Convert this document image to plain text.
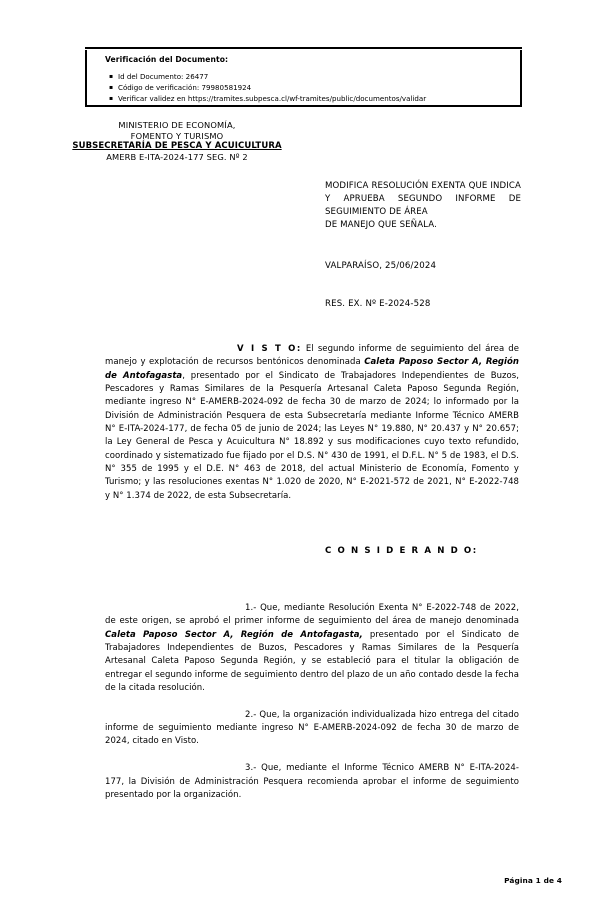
Verificación del Documento:
▪ Id del Documento: 26477
▪ Código de verificación: 79980581924
▪ Verificar validez en https://tramites.subpesca.cl/wf-tramites/public/documentos/validar
MINISTERIO DE ECONOMÍA,
FOMENTO Y TURISMO
SUBSECRETARÍA DE PESCA Y ACUICULTURA
AMERB E-ITA-2024-177 SEG. Nº 2
MODIFICA RESOLUCIÓN EXENTA QUE INDICA Y APRUEBA SEGUNDO INFORME DE SEGUIMIENTO DE ÁREA
DE MANEJO QUE SEÑALA.
VALPARAÍSO, 25/06/2024
RES. EX. Nº E-2024-528

V I S T O: El segundo informe de seguimiento del área de manejo y explotación de recursos bentónicos denominada Caleta Paposo Sector A, Región de Antofagasta, presentado por el Sindicato de Trabajadores Independientes de Buzos, Pescadores y Ramas Similares de la Pesquería Artesanal Caleta Paposo Segunda Región, mediante ingreso N° E-AMERB-2024-092 de fecha 30 de marzo de 2024; lo informado por la División de Administración Pesquera de esta Subsecretaría mediante Informe Técnico AMERB N° E-ITA-2024-177, de fecha 05 de junio de 2024; las Leyes N° 19.880, N° 20.437 y N° 20.657; la Ley General de Pesca y Acuicultura N° 18.892 y sus modificaciones cuyo texto refundido, coordinado y sistematizado fue fijado por el D.S. N° 430 de 1991, el D.F.L. N° 5 de 1983, el D.S. N° 355 de 1995 y el D.E. N° 463 de 2018, del actual Ministerio de Economía, Fomento y Turismo; y las resoluciones exentas N° 1.020 de 2020, N° E-2021-572 de 2021, N° E-2022-748 y N° 1.374 de 2022, de esta Subsecretaría.

C O N S I D E R A N D O:

1.- Que, mediante Resolución Exenta N° E-2022-748 de 2022, de este origen, se aprobó el primer informe de seguimiento del área de manejo denominada Caleta Paposo Sector A, Región de Antofagasta, presentado por el Sindicato de Trabajadores Independientes de Buzos, Pescadores y Ramas Similares de la Pesquería Artesanal Caleta Paposo Segunda Región, y se estableció para el titular la obligación de entregar el segundo informe de seguimiento dentro del plazo de un año contado desde la fecha de la citada resolución.

2.- Que, la organización individualizada hizo entrega del citado informe de seguimiento mediante ingreso N° E-AMERB-2024-092 de fecha 30 de marzo de 2024, citado en Visto.

3.- Que, mediante el Informe Técnico AMERB N° E-ITA-2024-177, la División de Administración Pesquera recomienda aprobar el informe de seguimiento presentado por la organización.

Página 1 de 4
